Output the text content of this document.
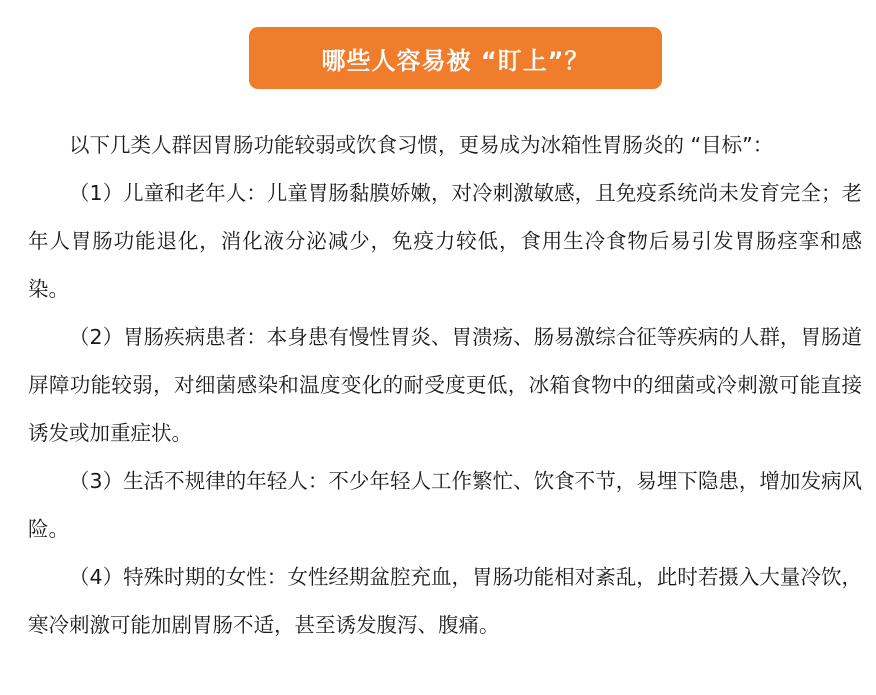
哪些人容易被 “盯上”？

以下几类人群因胃肠功能较弱或饮食习惯，更易成为冰箱性胃肠炎的 “目标”：

（1）儿童和老年人：儿童胃肠黏膜娇嫩，对冷刺激敏感，且免疫系统尚未发育完全；老年人胃肠功能退化，消化液分泌减少，免疫力较低，食用生冷食物后易引发胃肠痉挛和感染。

（2）胃肠疾病患者：本身患有慢性胃炎、胃溃疡、肠易激综合征等疾病的人群，胃肠道屏障功能较弱，对细菌感染和温度变化的耐受度更低，冰箱食物中的细菌或冷刺激可能直接诱发或加重症状。

（3）生活不规律的年轻人：不少年轻人工作繁忙、饮食不节，易埋下隐患，增加发病风险。

（4）特殊时期的女性：女性经期盆腔充血，胃肠功能相对紊乱，此时若摄入大量冷饮，寒冷刺激可能加剧胃肠不适，甚至诱发腹泻、腹痛。
